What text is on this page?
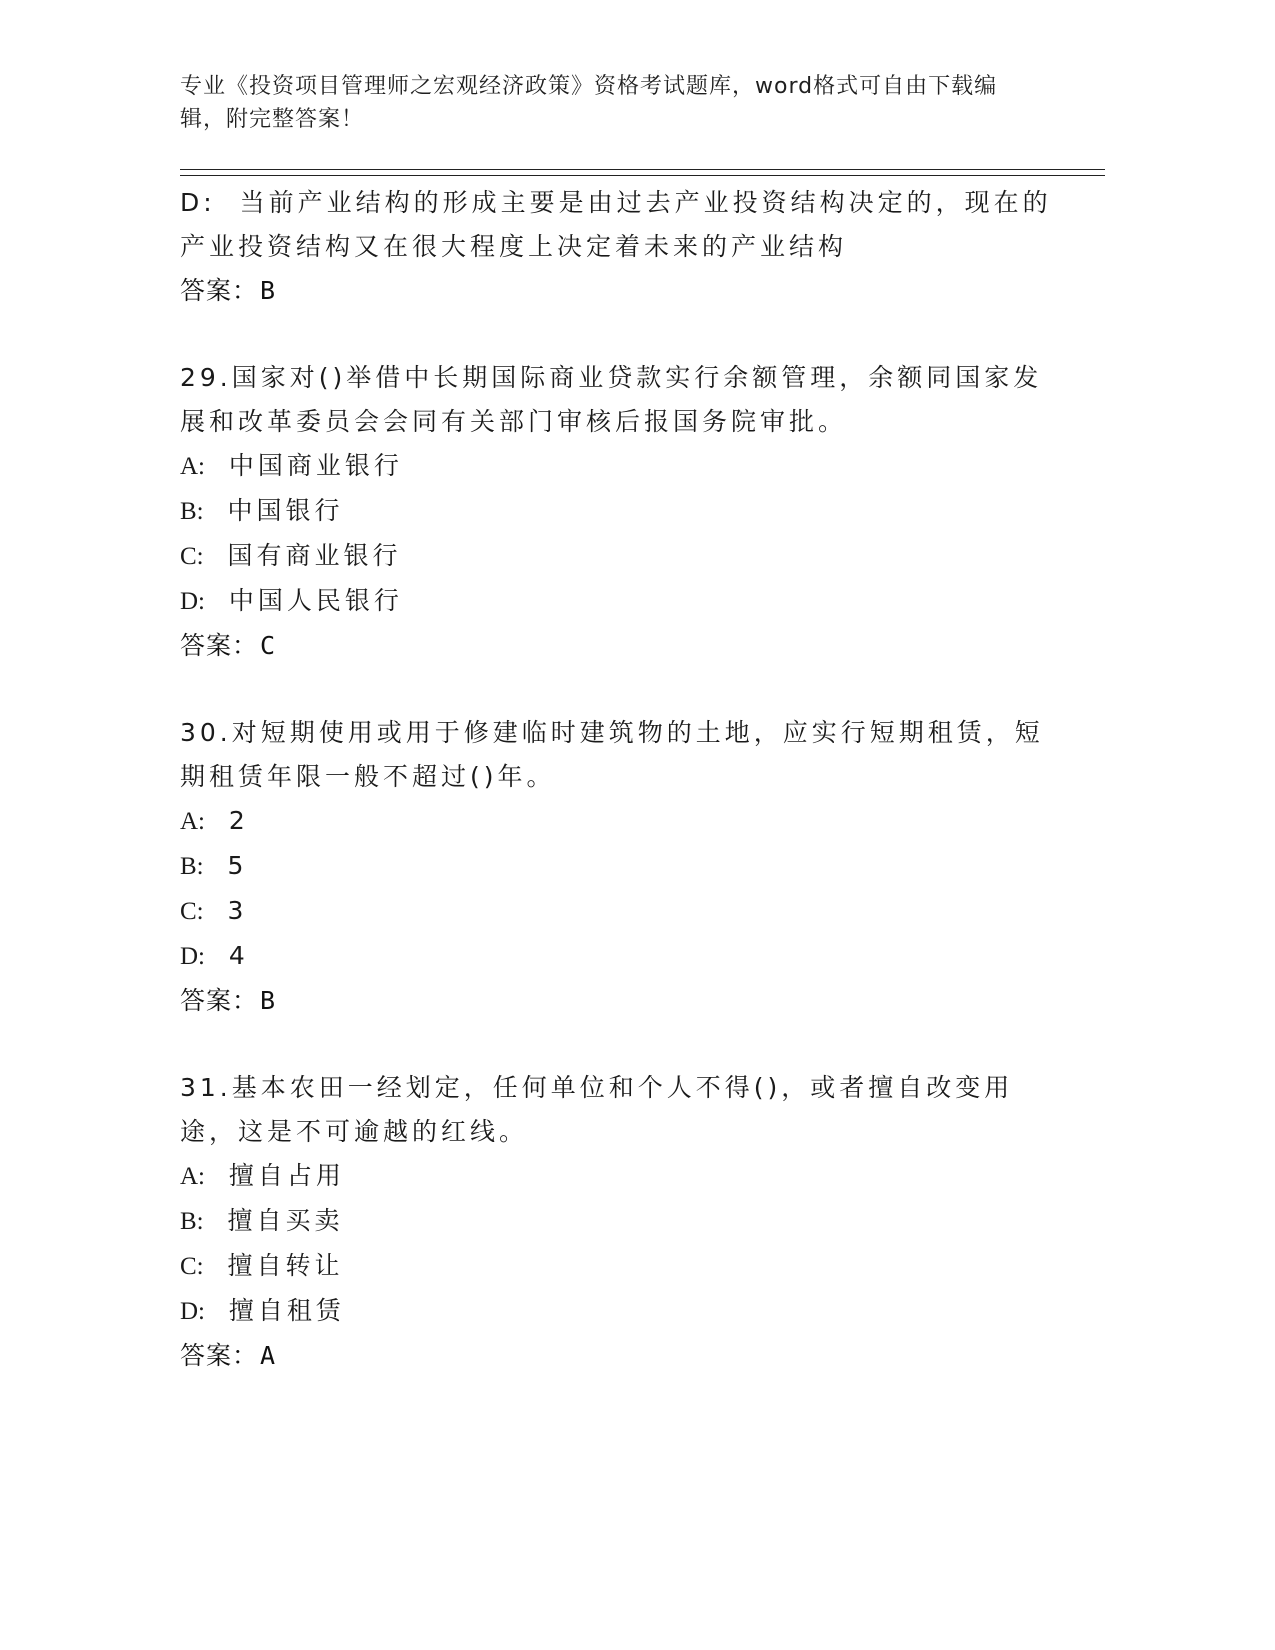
专业《投资项目管理师之宏观经济政策》资格考试题库，word格式可自由下载编辑，附完整答案！
D:  当前产业结构的形成主要是由过去产业投资结构决定的，现在的产业投资结构又在很大程度上决定着未来的产业结构
答案：B
29.国家对()举借中长期国际商业贷款实行余额管理，余额同国家发展和改革委员会会同有关部门审核后报国务院审批。
A: 中国商业银行
B: 中国银行
C: 国有商业银行
D: 中国人民银行
答案：C
30.对短期使用或用于修建临时建筑物的土地，应实行短期租赁，短期租赁年限一般不超过()年。
A: 2
B: 5
C: 3
D: 4
答案：B
31.基本农田一经划定，任何单位和个人不得()，或者擅自改变用途，这是不可逾越的红线。
A: 擅自占用
B: 擅自买卖
C: 擅自转让
D: 擅自租赁
答案：A
